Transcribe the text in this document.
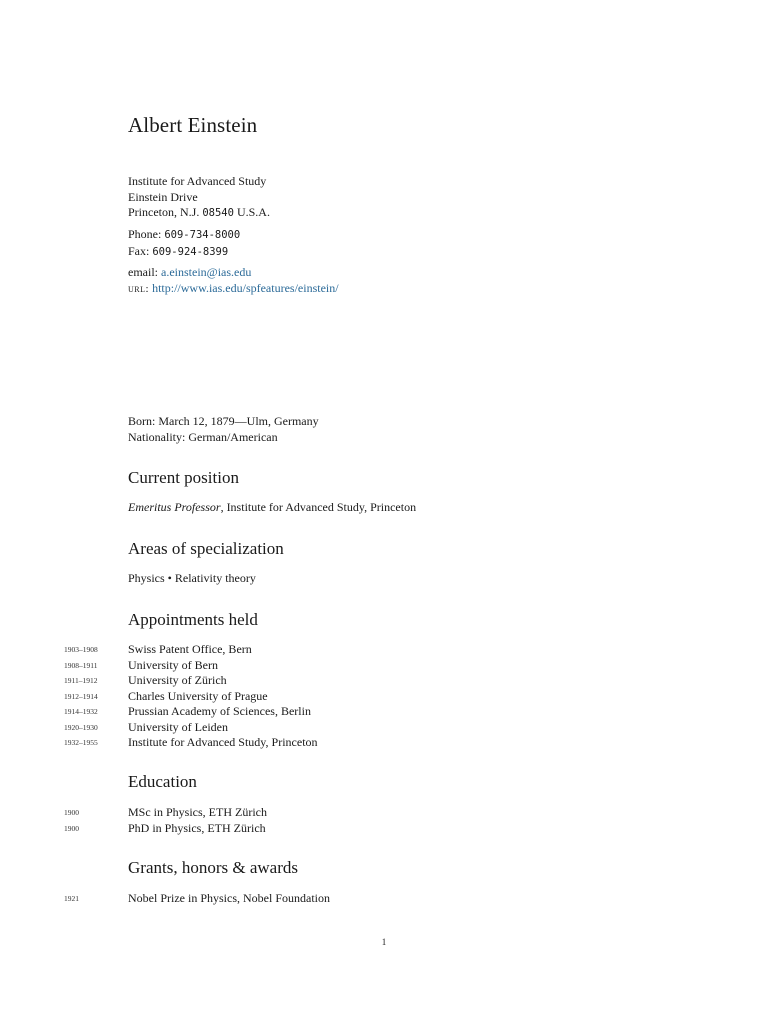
Albert Einstein
Institute for Advanced Study
Einstein Drive
Princeton, N.J. 08540 U.S.A.
Phone: 609-734-8000
Fax: 609-924-8399
email: a.einstein@ias.edu
url: http://www.ias.edu/spfeatures/einstein/
Born: March 12, 1879—Ulm, Germany
Nationality: German/American
Current position
Emeritus Professor, Institute for Advanced Study, Princeton
Areas of specialization
Physics • Relativity theory
Appointments held
1903–1908	Swiss Patent Office, Bern
1908–1911	University of Bern
1911–1912	University of Zürich
1912–1914	Charles University of Prague
1914–1932	Prussian Academy of Sciences, Berlin
1920–1930	University of Leiden
1932–1955	Institute for Advanced Study, Princeton
Education
1900	MSc in Physics, ETH Zürich
1900	PhD in Physics, ETH Zürich
Grants, honors & awards
1921	Nobel Prize in Physics, Nobel Foundation
1
